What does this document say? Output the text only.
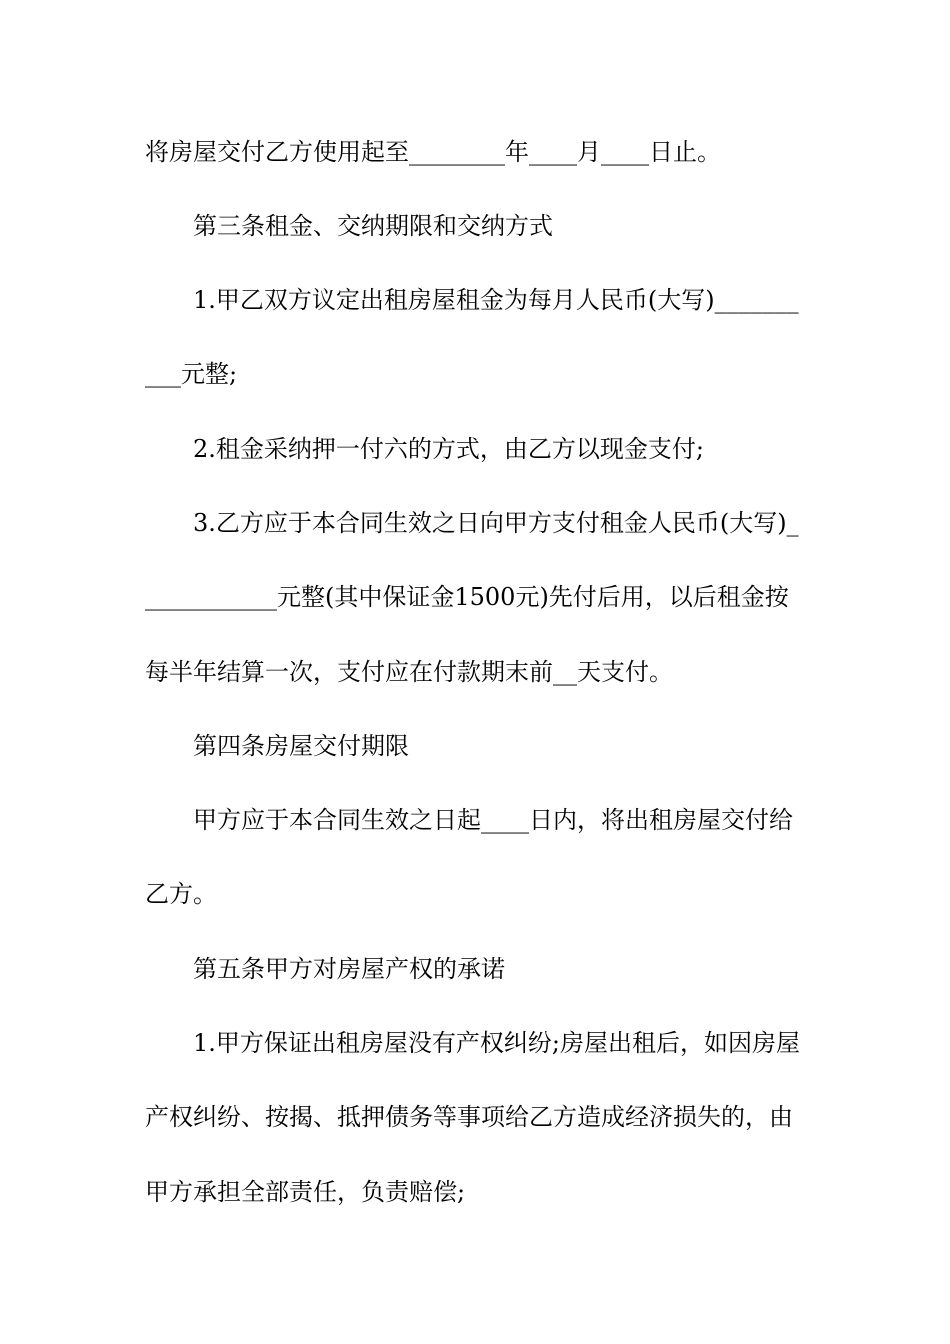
将房屋交付乙方使用起至________年____月____日止。
第三条租金、交纳期限和交纳方式
1.甲乙双方议定出租房屋租金为每月人民币(大写)_______
___元整;
2.租金采纳押一付六的方式，由乙方以现金支付;
3.乙方应于本合同生效之日向甲方支付租金人民币(大写)_
___________元整(其中保证金1500元)先付后用，以后租金按
每半年结算一次，支付应在付款期末前__天支付。
第四条房屋交付期限
甲方应于本合同生效之日起____日内，将出租房屋交付给
乙方。
第五条甲方对房屋产权的承诺
1.甲方保证出租房屋没有产权纠纷;房屋出租后，如因房屋
产权纠纷、按揭、抵押债务等事项给乙方造成经济损失的，由
甲方承担全部责任，负责赔偿;
